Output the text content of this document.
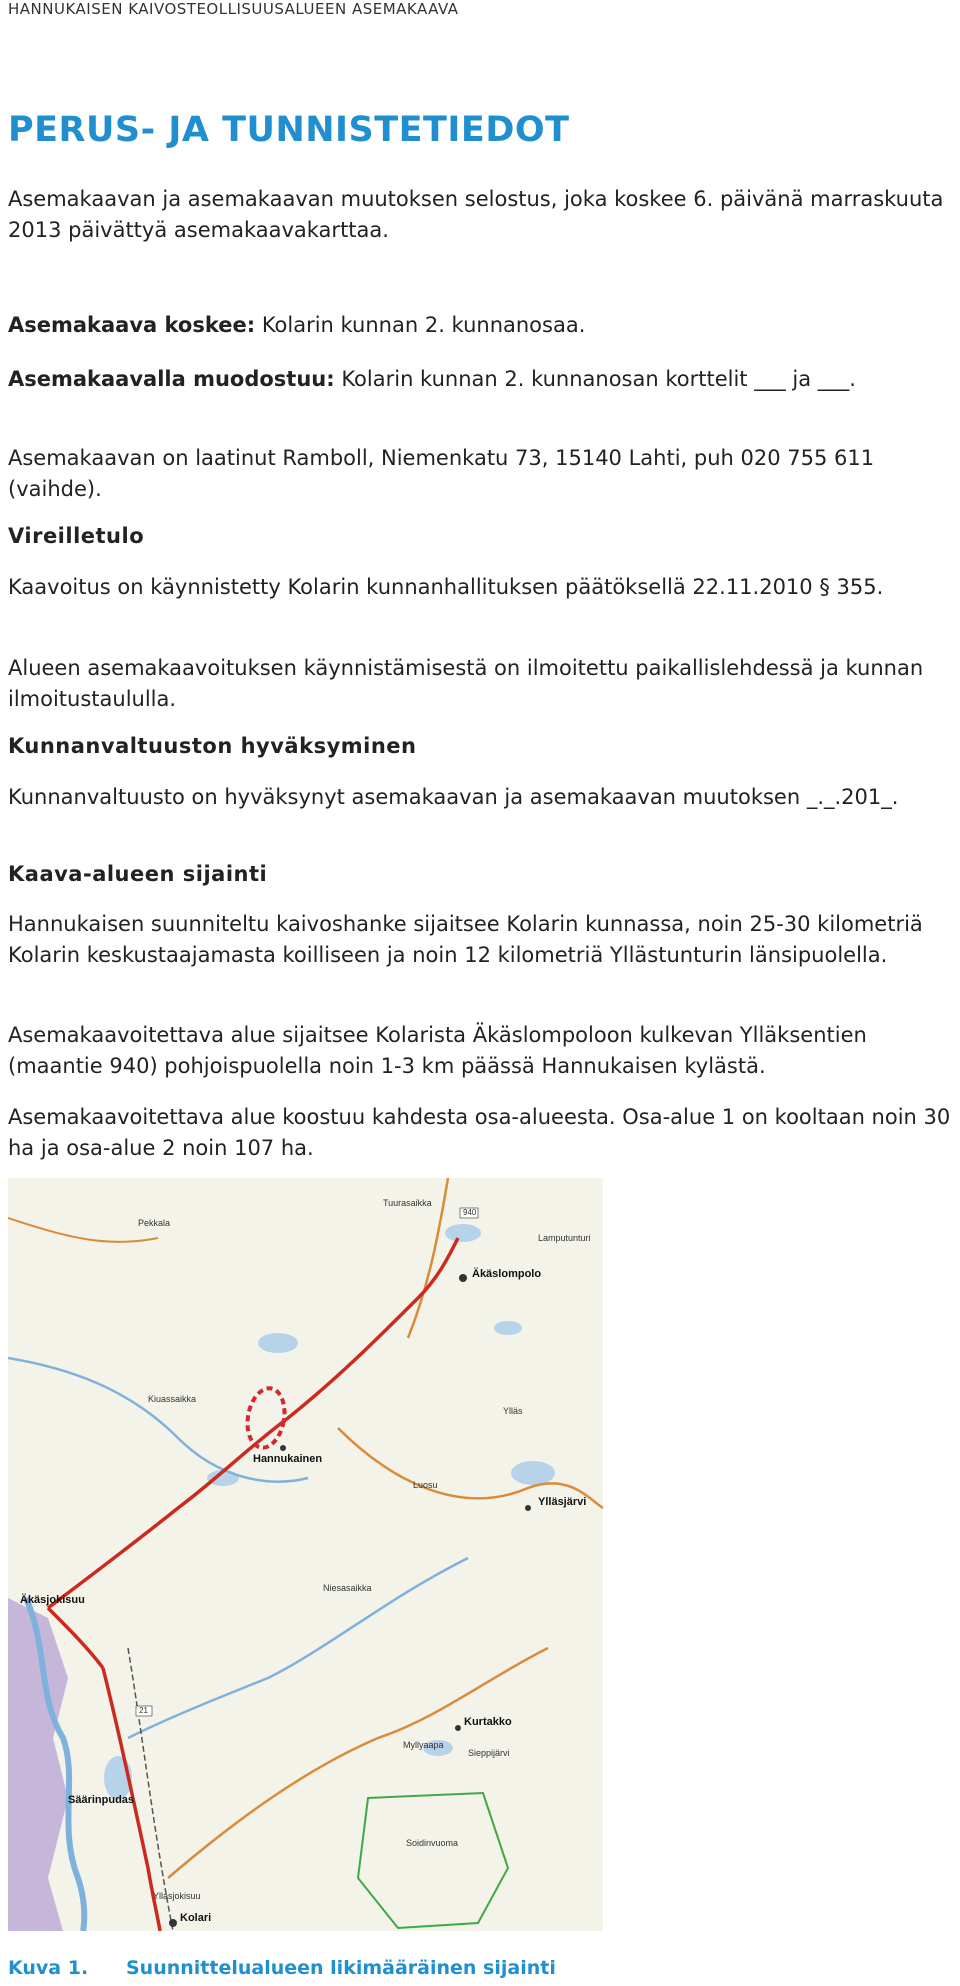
HANNUKAISEN KAIVOSTEOLLISUUSALUEEN ASEMAKAAVA
PERUS- JA TUNNISTETIEDOT

Asemakaavan ja asemakaavan muutoksen selostus, joka koskee 6. päivänä marraskuuta 2013 päivättyä asemakaavakarttaa.

Asemakaava koskee: Kolarin kunnan 2. kunnanosaa.

Asemakaavalla muodostuu: Kolarin kunnan 2. kunnanosan korttelit ___ ja ___.

Asemakaavan on laatinut Ramboll, Niemenkatu 73, 15140 Lahti, puh 020 755 611 (vaihde).

Vireilletulo

Kaavoitus on käynnistetty Kolarin kunnanhallituksen päätöksellä 22.11.2010 § 355.

Alueen asemakaavoituksen käynnistämisestä on ilmoitettu paikallislehdessä ja kunnan ilmoitustaululla.

Kunnanvaltuuston hyväksyminen

Kunnanvaltuusto on hyväksynyt asemakaavan ja asemakaavan muutoksen _._.201_.

Kaava-alueen sijainti

Hannukaisen suunniteltu kaivoshanke sijaitsee Kolarin kunnassa, noin 25-30 kilometriä Kolarin keskustaajamasta koilliseen ja noin 12 kilometriä Yllästunturin länsipuolella.

Asemakaavoitettava alue sijaitsee Kolarista Äkäslompoloon kulkevan Ylläksentien (maantie 940) pohjoispuolella noin 1-3 km päässä Hannukaisen kylästä.

Asemakaavoitettava alue koostuu kahdesta osa-alueesta. Osa-alue 1 on kooltaan noin 30 ha ja osa-alue 2 noin 107 ha.

Äkäslompolo
Hannukainen
Ylläsjärvi
Kolari
Äkäsjokisuu
Kurtakko
Sieppijärvi
Ylläs
Luosu
Kiuassaikka
Tuurasaikka
Lamputunturi
Pekkala
Säärinpudas
Yllasjokisuu
Soidinvuoma
Myllyaapa
Niesasaikka
940
21
Kuva 1. Suunnittelualueen likimääräinen sijainti
